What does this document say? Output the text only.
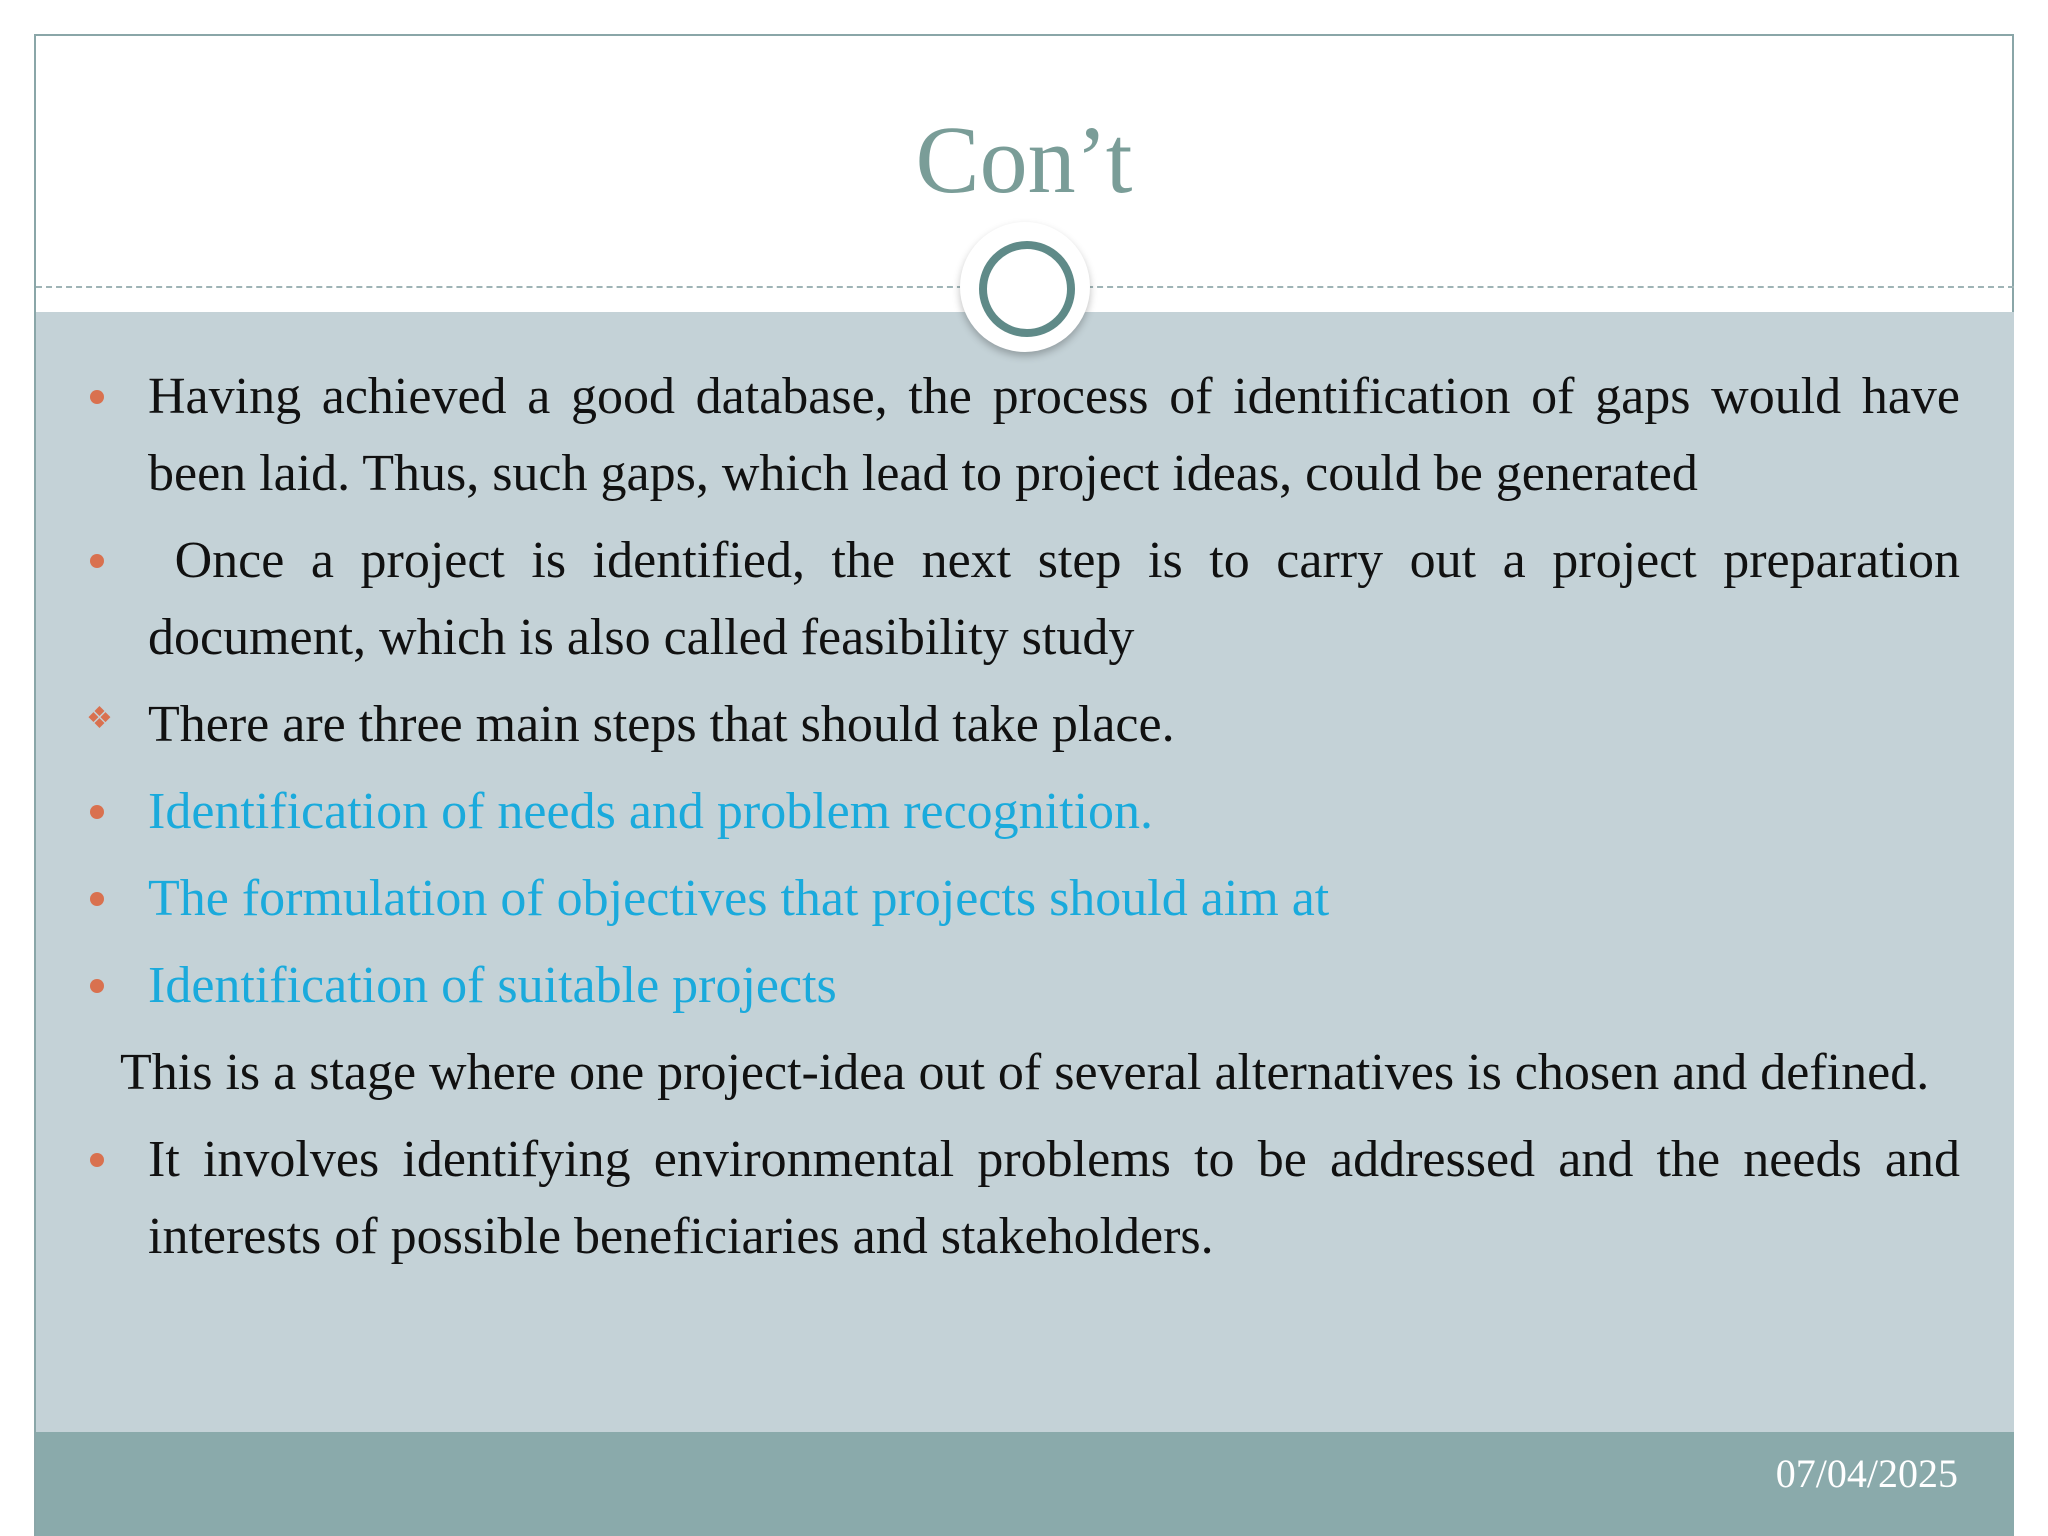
Con’t
Having achieved a good database, the process of identification of gaps would have been laid. Thus, such gaps, which lead to project ideas, could be generated
Once a project is identified, the next step is to carry out a project preparation document, which is also called feasibility study
❖ There are three main steps that should take place.
Identification of needs and problem recognition.
The formulation of objectives that projects should aim at
Identification of suitable projects
This is a stage where one project-idea out of several alternatives is chosen and defined.
It involves identifying environmental problems to be addressed and the needs and interests of possible beneficiaries and stakeholders.
07/04/2025
